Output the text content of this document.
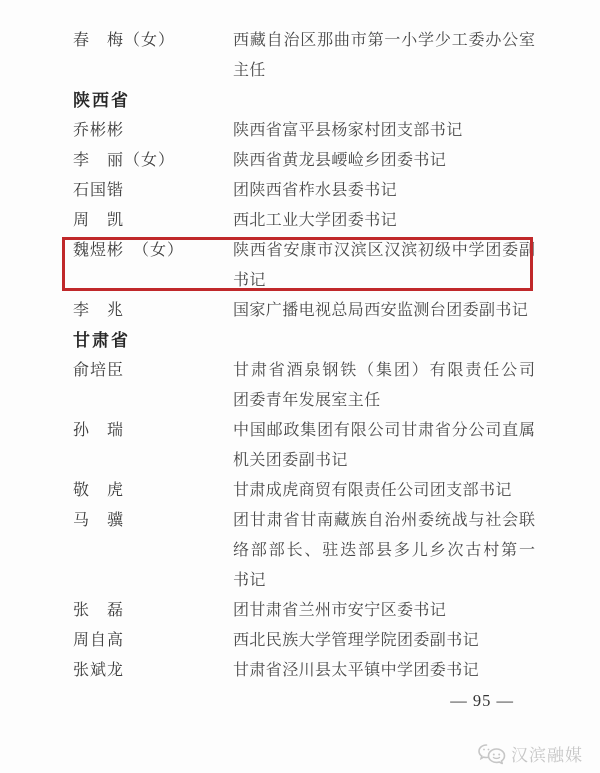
春　梅（女）	西藏自治区那曲市第一小学少工委办公室
主任
陕西省
乔彬彬	陕西省富平县杨家村团支部书记
李　丽（女）	陕西省黄龙县崾崄乡团委书记
石国锴	团陕西省柞水县委书记
周　凯	西北工业大学团委书记
魏煜彬　（女）	陕西省安康市汉滨区汉滨初级中学团委副
书记
李　兆	国家广播电视总局西安监测台团委副书记
甘肃省
俞培臣	甘肃省酒泉钢铁（集团）有限责任公司
团委青年发展室主任
孙　瑞	中国邮政集团有限公司甘肃省分公司直属
机关团委副书记
敬　虎	甘肃成虎商贸有限责任公司团支部书记
马　骥	团甘肃省甘南藏族自治州委统战与社会联
络部部长、驻迭部县多儿乡次古村第一
书记
张　磊	团甘肃省兰州市安宁区委书记
周自高	西北民族大学管理学院团委副书记
张斌龙	甘肃省泾川县太平镇中学团委书记
— 95 —
汉滨融媒
